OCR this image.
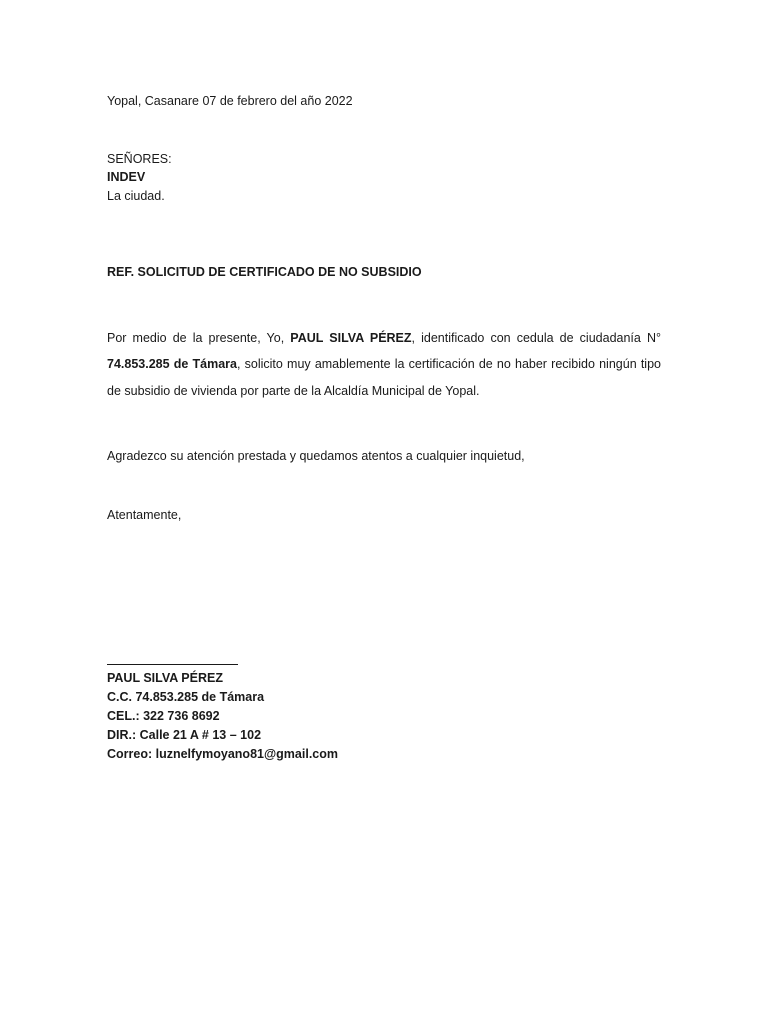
Yopal, Casanare 07 de febrero del año 2022
SEÑORES:
INDEV
La ciudad.
REF. SOLICITUD DE CERTIFICADO DE NO SUBSIDIO
Por medio de la presente, Yo, PAUL SILVA PÉREZ, identificado con cedula de ciudadanía N°
74.853.285 de Támara, solicito muy amablemente la certificación de no haber recibido ningún tipo
de subsidio de vivienda por parte de la Alcaldía Municipal de Yopal.
Agradezco su atención prestada y quedamos atentos a cualquier inquietud,
Atentamente,
PAUL SILVA PÉREZ
C.C. 74.853.285 de Támara
CEL.: 322 736 8692
DIR.: Calle 21 A # 13 – 102
Correo: luznelfymoyano81@gmail.com
